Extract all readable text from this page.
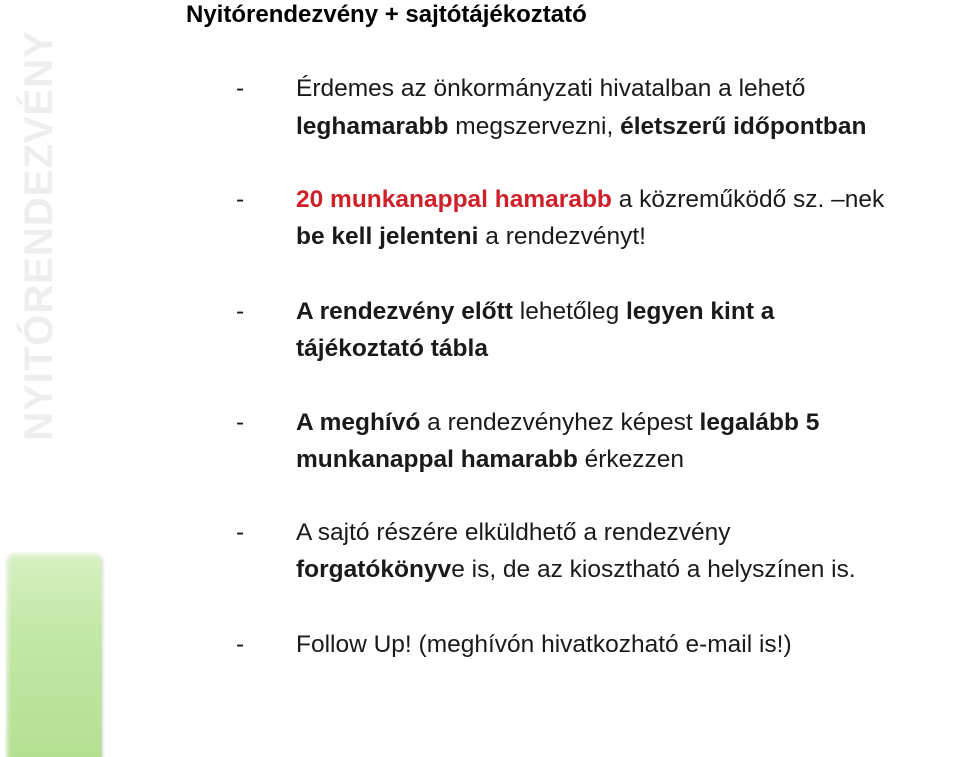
NYITÓRENDEZVÉNY
Nyitórendezvény + sajtótájékoztató
- Érdemes az önkormányzati hivatalban a lehető
leghamarabb megszervezni, életszerű időpontban
- 20 munkanappal hamarabb a közreműködő sz. –nek
be kell jelenteni a rendezvényt!
- A rendezvény előtt lehetőleg legyen kint a
tájékoztató tábla
- A meghívó a rendezvényhez képest legalább 5
munkanappal hamarabb érkezzen
- A sajtó részére elküldhető a rendezvény
forgatókönyve is, de az kiosztható a helyszínen is.
- Follow Up! (meghívón hivatkozható e-mail is!)
